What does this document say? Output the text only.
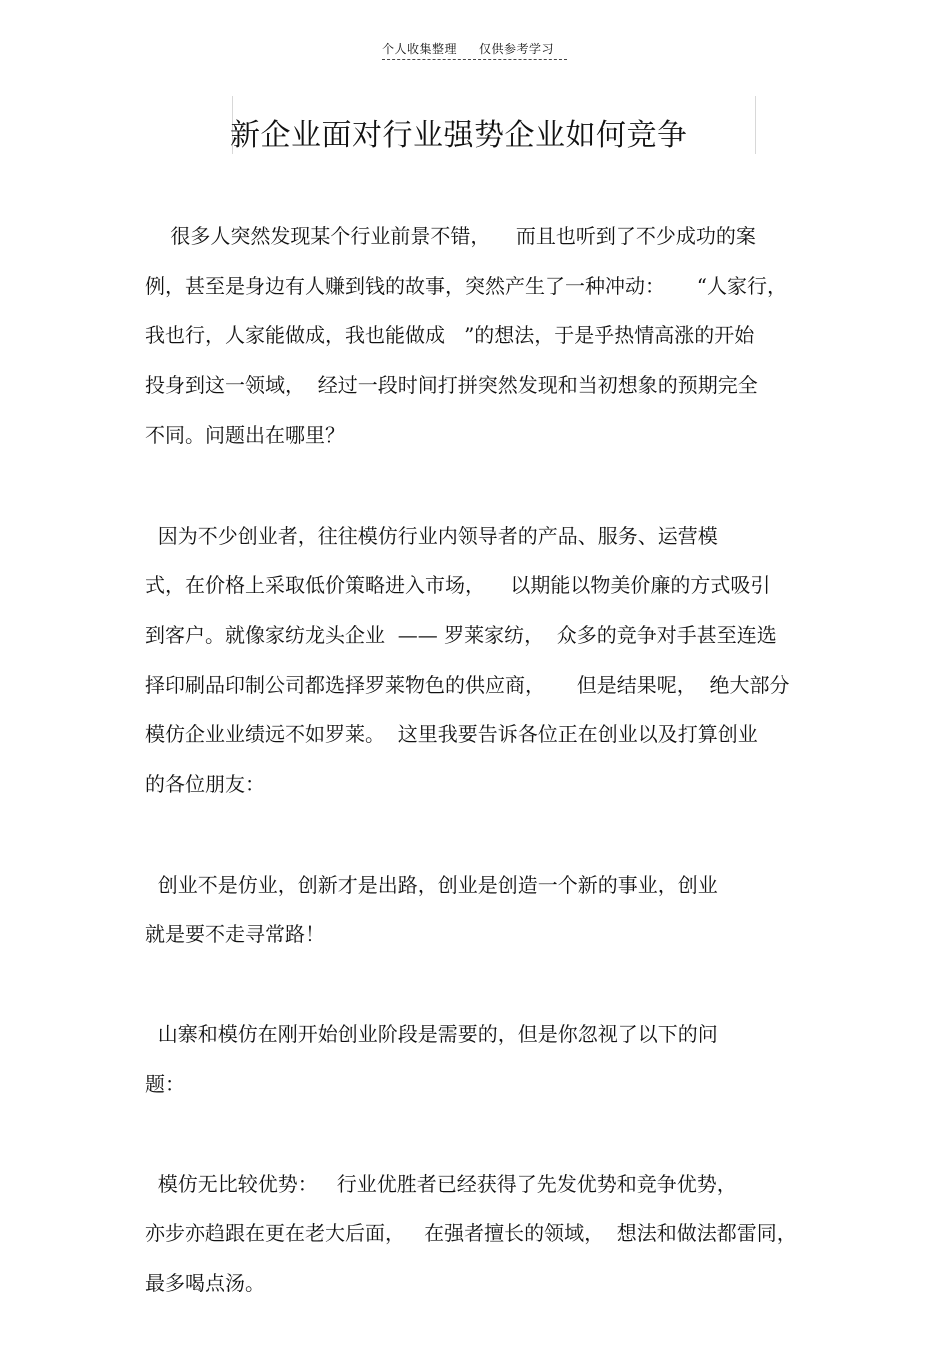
个人收集整理 仅供参考学习
新企业面对行业强势企业如何竞争

很多人突然发现某个行业前景不错，    而且也听到了不少成功的案

例，甚至是身边有人赚到钱的故事，突然产生了一种冲动：     “人家行，

我也行，人家能做成，我也能做成   ”的想法，于是乎热情高涨的开始

投身到这一领域，  经过一段时间打拼突然发现和当初想象的预期完全

不同。问题出在哪里？

因为不少创业者，往往模仿行业内领导者的产品、服务、运营模

式，在价格上采取低价策略进入市场，    以期能以物美价廉的方式吸引

到客户。就像家纺龙头企业  —— 罗莱家纺，  众多的竞争对手甚至连选

择印刷品印制公司都选择罗莱物色的供应商，     但是结果呢，  绝大部分

模仿企业业绩远不如罗莱。  这里我要告诉各位正在创业以及打算创业

的各位朋友：

创业不是仿业，创新才是出路，创业是创造一个新的事业，创业

就是要不走寻常路！

山寨和模仿在刚开始创业阶段是需要的，但是你忽视了以下的问

题：

模仿无比较优势：   行业优胜者已经获得了先发优势和竞争优势，

亦步亦趋跟在更在老大后面，   在强者擅长的领域，  想法和做法都雷同，

最多喝点汤。
